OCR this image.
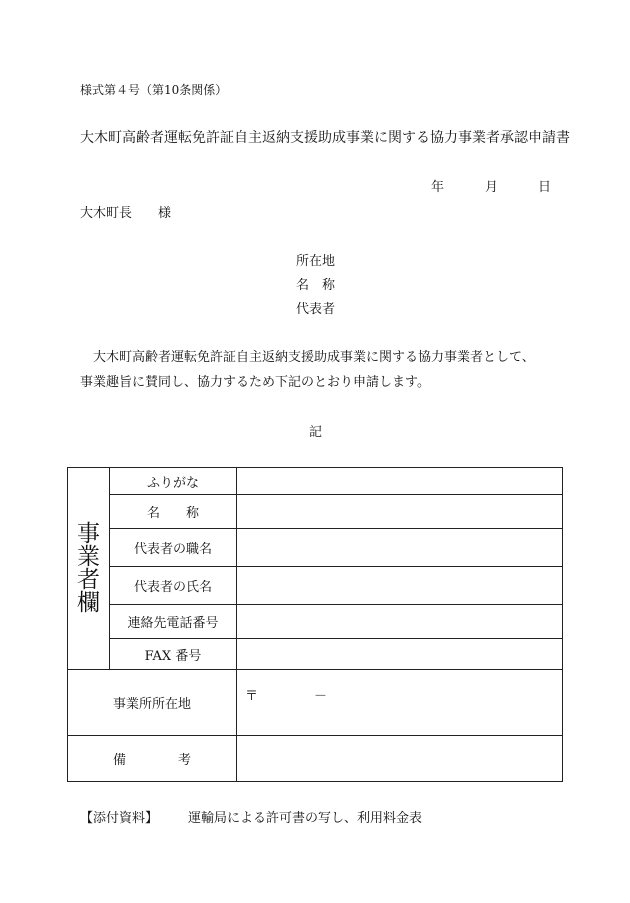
様式第４号（第10条関係）
大木町高齢者運転免許証自主返納支援助成事業に関する協力事業者承認申請書
年	月	日
大木町長　　様
所在地
名　称
代表者
　大木町高齢者運転免許証自主返納支援助成事業に関する協力事業者として、
事業趣旨に賛同し、協力するため下記のとおり申請します。
記
事
業
者
欄	ふりがな	
	名　　称	
	代表者の職名	
	代表者の氏名	
	連絡先電話番号	
	FAX 番号	
事業所所在地		〒 －
備　　　　考		
【添付資料】 運輸局による許可書の写し、利用料金表
